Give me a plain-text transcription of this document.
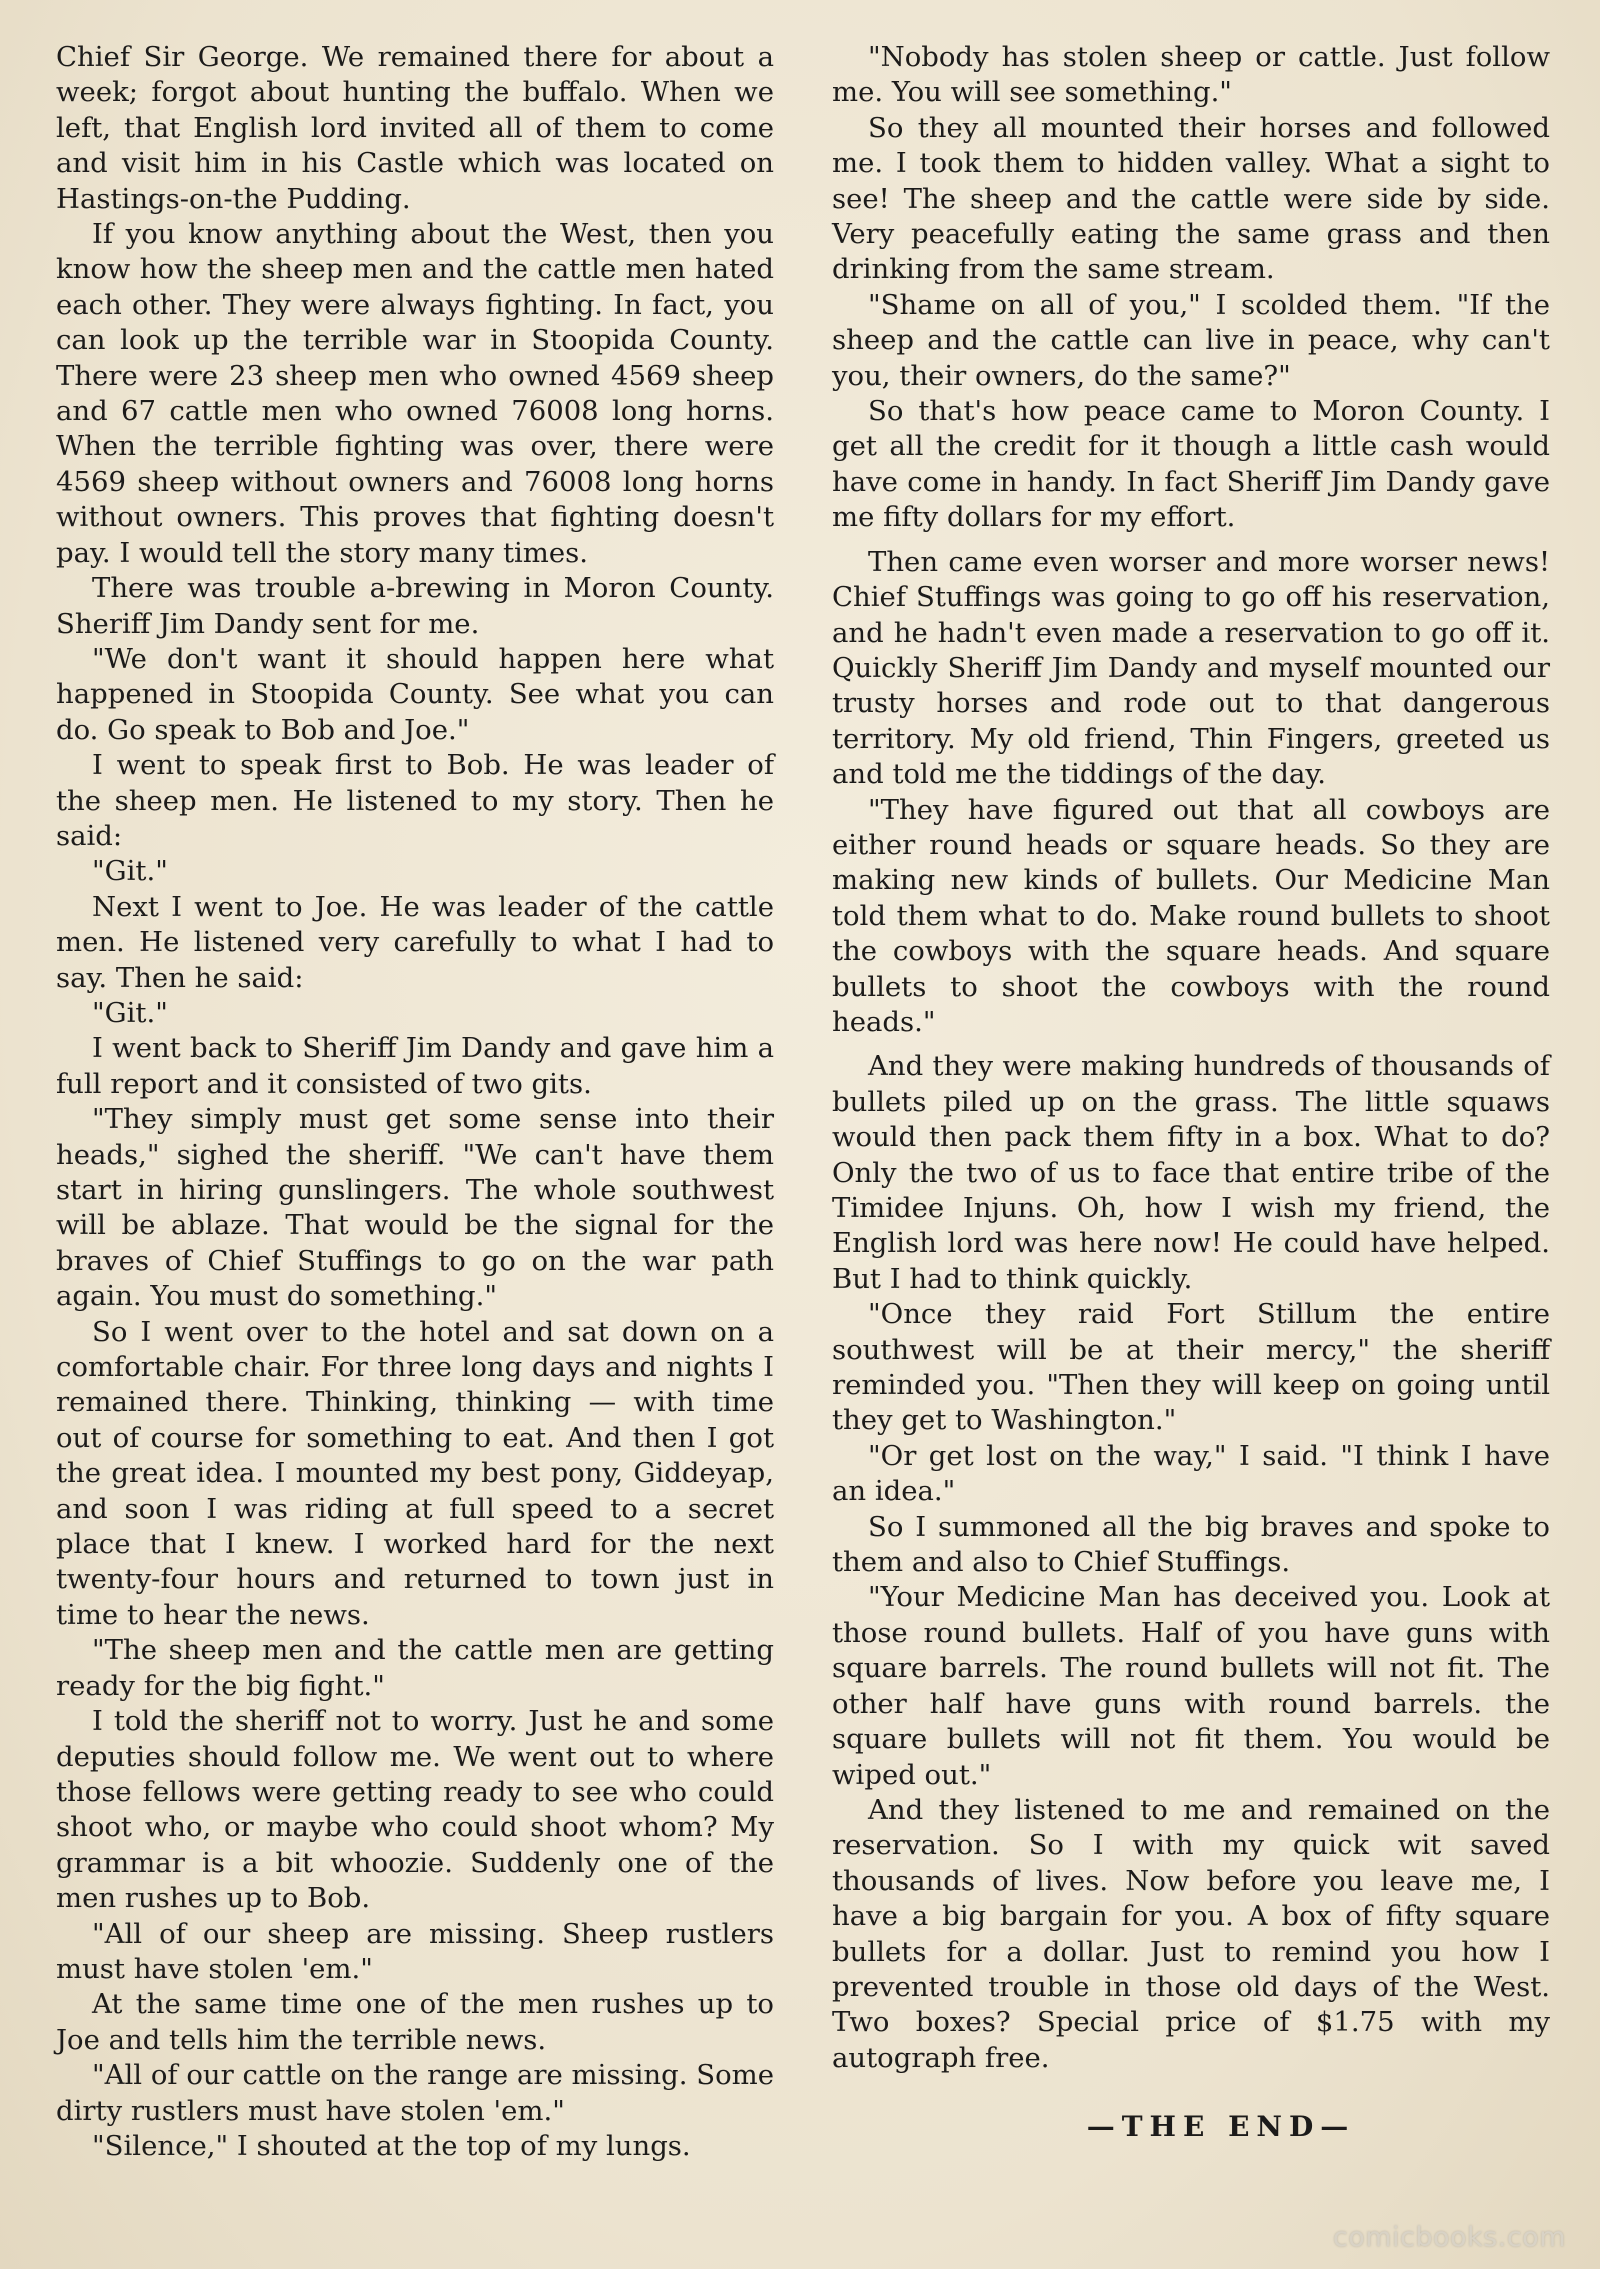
Chief Sir George. We remained there for about a week; forgot about hunting the buffalo. When we left, that English lord invited all of them to come and visit him in his Castle which was located on Hastings-on-the Pudding.

If you know anything about the West, then you know how the sheep men and the cattle men hated each other. They were always fighting. In fact, you can look up the terrible war in Stoopida County. There were 23 sheep men who owned 4569 sheep and 67 cattle men who owned 76008 long horns. When the terrible fighting was over, there were 4569 sheep without owners and 76008 long horns without owners. This proves that fighting doesn't pay. I would tell the story many times.

There was trouble a-brewing in Moron County. Sheriff Jim Dandy sent for me.

"We don't want it should happen here what happened in Stoopida County. See what you can do. Go speak to Bob and Joe."

I went to speak first to Bob. He was leader of the sheep men. He listened to my story. Then he said:

"Git."

Next I went to Joe. He was leader of the cattle men. He listened very carefully to what I had to say. Then he said:

"Git."

I went back to Sheriff Jim Dandy and gave him a full report and it consisted of two gits.

"They simply must get some sense into their heads," sighed the sheriff. "We can't have them start in hiring gunslingers. The whole southwest will be ablaze. That would be the signal for the braves of Chief Stuffings to go on the war path again. You must do something."

So I went over to the hotel and sat down on a comfortable chair. For three long days and nights I remained there. Thinking, thinking — with time out of course for something to eat. And then I got the great idea. I mounted my best pony, Giddeyap, and soon I was riding at full speed to a secret place that I knew. I worked hard for the next twenty-four hours and returned to town just in time to hear the news.

"The sheep men and the cattle men are getting ready for the big fight."

I told the sheriff not to worry. Just he and some deputies should follow me. We went out to where those fellows were getting ready to see who could shoot who, or maybe who could shoot whom? My grammar is a bit whoozie. Suddenly one of the men rushes up to Bob.

"All of our sheep are missing. Sheep rustlers must have stolen 'em."

At the same time one of the men rushes up to Joe and tells him the terrible news.

"All of our cattle on the range are missing. Some dirty rustlers must have stolen 'em."

"Silence," I shouted at the top of my lungs.

"Nobody has stolen sheep or cattle. Just follow me. You will see something."

So they all mounted their horses and followed me. I took them to hidden valley. What a sight to see! The sheep and the cattle were side by side. Very peacefully eating the same grass and then drinking from the same stream.

"Shame on all of you," I scolded them. "If the sheep and the cattle can live in peace, why can't you, their owners, do the same?"

So that's how peace came to Moron County. I get all the credit for it though a little cash would have come in handy. In fact Sheriff Jim Dandy gave me fifty dollars for my effort.

Then came even worser and more worser news! Chief Stuffings was going to go off his reservation, and he hadn't even made a reservation to go off it. Quickly Sheriff Jim Dandy and myself mounted our trusty horses and rode out to that dangerous territory. My old friend, Thin Fingers, greeted us and told me the tiddings of the day.

"They have figured out that all cowboys are either round heads or square heads. So they are making new kinds of bullets. Our Medicine Man told them what to do. Make round bullets to shoot the cowboys with the square heads. And square bullets to shoot the cowboys with the round heads."

And they were making hundreds of thousands of bullets piled up on the grass. The little squaws would then pack them fifty in a box. What to do? Only the two of us to face that entire tribe of the Timidee Injuns. Oh, how I wish my friend, the English lord was here now! He could have helped. But I had to think quickly.

"Once they raid Fort Stillum the entire southwest will be at their mercy," the sheriff reminded you. "Then they will keep on going until they get to Washington."

"Or get lost on the way," I said. "I think I have an idea."

So I summoned all the big braves and spoke to them and also to Chief Stuffings.

"Your Medicine Man has deceived you. Look at those round bullets. Half of you have guns with square barrels. The round bullets will not fit. The other half have guns with round barrels. the square bullets will not fit them. You would be wiped out."

And they listened to me and remained on the reservation. So I with my quick wit saved thousands of lives. Now before you leave me, I have a big bargain for you. A box of fifty square bullets for a dollar. Just to remind you how I prevented trouble in those old days of the West. Two boxes? Special price of $1.75 with my autograph free.

—THE END—
comicbooks.com
